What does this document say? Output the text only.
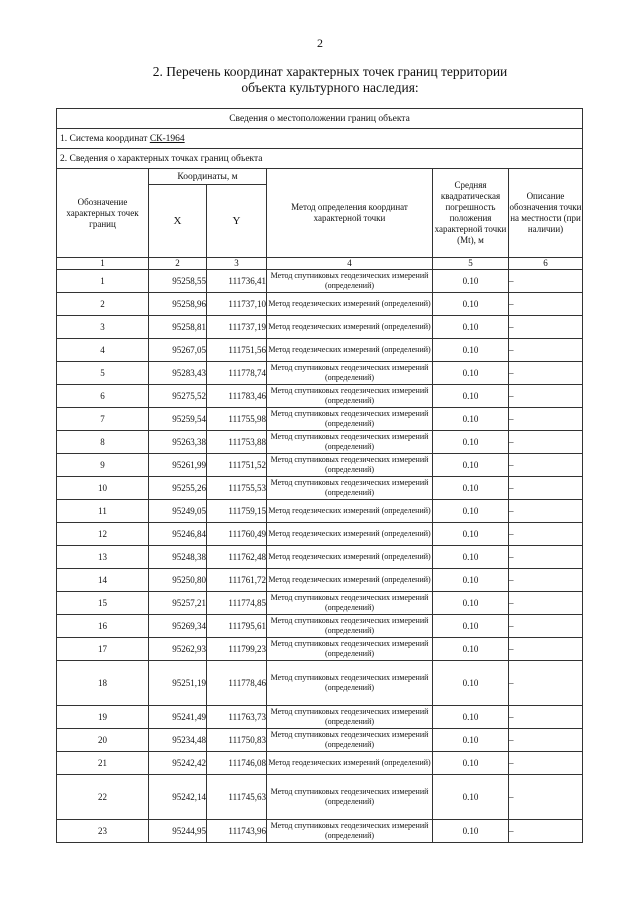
2
2. Перечень координат характерных точек границ территории
объекта культурного наследия:
Сведения о местоположении границ объекта					
1. Система координат СК-1964					
2. Сведения о характерных точках границ объекта					
Обозначение характерных точек границ	Координаты, м		Метод определения координат характерной точки	Средняя квадратическая погрешность положения характерной точки (Mt), м	Описание обозначения точки на местности (при наличии)
	X	Y			
1	2	3	4	5	6
1	95258,55	111736,41	Метод спутниковых геодезических измерений (определений)	0.10	–
2	95258,96	111737,10	Метод геодезических измерений (определений)	0.10	–
3	95258,81	111737,19	Метод геодезических измерений (определений)	0.10	–
4	95267,05	111751,56	Метод геодезических измерений (определений)	0.10	–
5	95283,43	111778,74	Метод спутниковых геодезических измерений (определений)	0.10	–
6	95275,52	111783,46	Метод спутниковых геодезических измерений (определений)	0.10	–
7	95259,54	111755,98	Метод спутниковых геодезических измерений (определений)	0.10	–
8	95263,38	111753,88	Метод спутниковых геодезических измерений (определений)	0.10	–
9	95261,99	111751,52	Метод спутниковых геодезических измерений (определений)	0.10	–
10	95255,26	111755,53	Метод спутниковых геодезических измерений (определений)	0.10	–
11	95249,05	111759,15	Метод геодезических измерений (определений)	0.10	–
12	95246,84	111760,49	Метод геодезических измерений (определений)	0.10	–
13	95248,38	111762,48	Метод геодезических измерений (определений)	0.10	–
14	95250,80	111761,72	Метод геодезических измерений (определений)	0.10	–
15	95257,21	111774,85	Метод спутниковых геодезических измерений (определений)	0.10	–
16	95269,34	111795,61	Метод спутниковых геодезических измерений (определений)	0.10	–
17	95262,93	111799,23	Метод спутниковых геодезических измерений (определений)	0.10	–
18	95251,19	111778,46	Метод спутниковых геодезических измерений (определений)	0.10	–
19	95241,49	111763,73	Метод спутниковых геодезических измерений (определений)	0.10	–
20	95234,48	111750,83	Метод спутниковых геодезических измерений (определений)	0.10	–
21	95242,42	111746,08	Метод геодезических измерений (определений)	0.10	–
22	95242,14	111745,63	Метод спутниковых геодезических измерений (определений)	0.10	–
23	95244,95	111743,96	Метод спутниковых геодезических измерений (определений)	0.10	–
